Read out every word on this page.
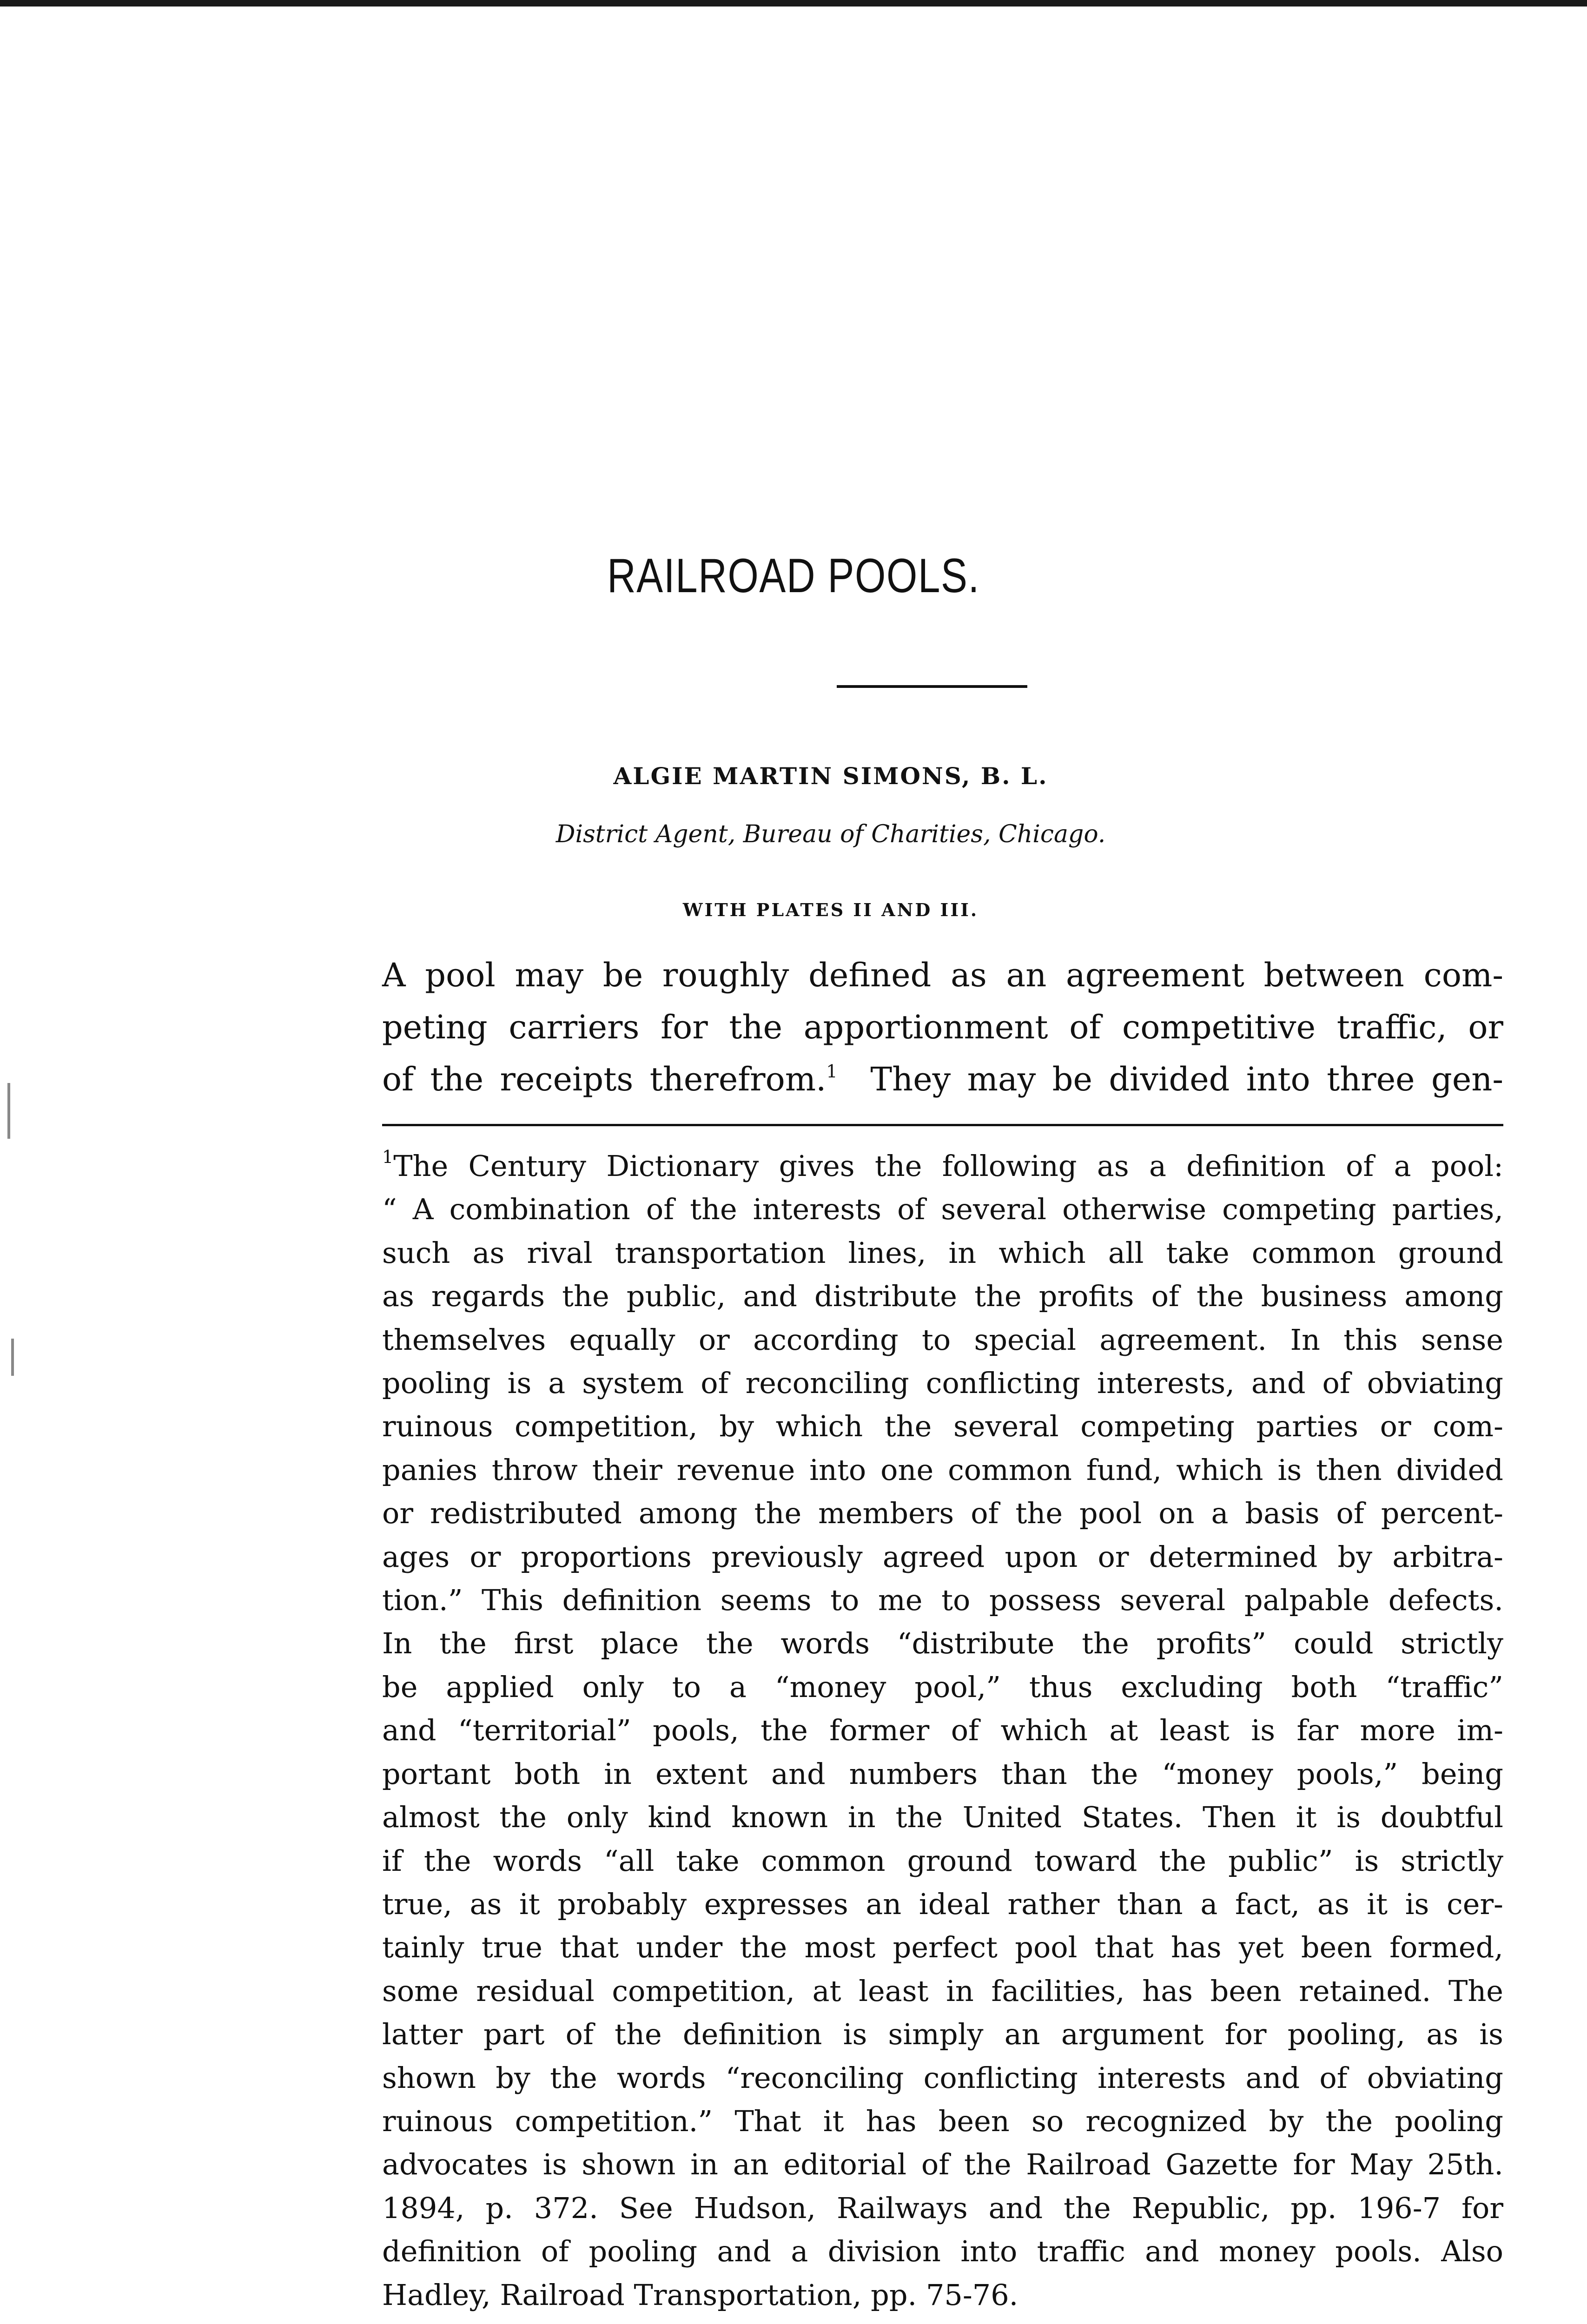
RAILROAD POOLS.
ALGIE MARTIN SIMONS, B. L.
District Agent, Bureau of Charities, Chicago.
WITH PLATES II AND III.
A pool may be roughly defined as an agreement between com-
peting carriers for the apportionment of competitive traffic, or
of the receipts therefrom.$^1$ They may be divided into three gen-
$^1$The Century Dictionary gives the following as a definition of a pool:
“ A combination of the interests of several otherwise competing parties,
such as rival transportation lines, in which all take common ground
as regards the public, and distribute the profits of the business among
themselves equally or according to special agreement. In this sense
pooling is a system of reconciling conflicting interests, and of obviating
ruinous competition, by which the several competing parties or com-
panies throw their revenue into one common fund, which is then divided
or redistributed among the members of the pool on a basis of percent-
ages or proportions previously agreed upon or determined by arbitra-
tion.” This definition seems to me to possess several palpable defects.
In the first place the words “distribute the profits” could strictly
be applied only to a “money pool,” thus excluding both “traffic”
and “territorial” pools, the former of which at least is far more im-
portant both in extent and numbers than the “money pools,” being
almost the only kind known in the United States. Then it is doubtful
if the words “all take common ground toward the public” is strictly
true, as it probably expresses an ideal rather than a fact, as it is cer-
tainly true that under the most perfect pool that has yet been formed,
some residual competition, at least in facilities, has been retained. The
latter part of the definition is simply an argument for pooling, as is
shown by the words “reconciling conflicting interests and of obviating
ruinous competition.” That it has been so recognized by the pooling
advocates is shown in an editorial of the Railroad Gazette for May 25th.
1894, p. 372. See Hudson, Railways and the Republic, pp. 196-7 for
definition of pooling and a division into traffic and money pools. Also
Hadley, Railroad Transportation, pp. 75-76.
